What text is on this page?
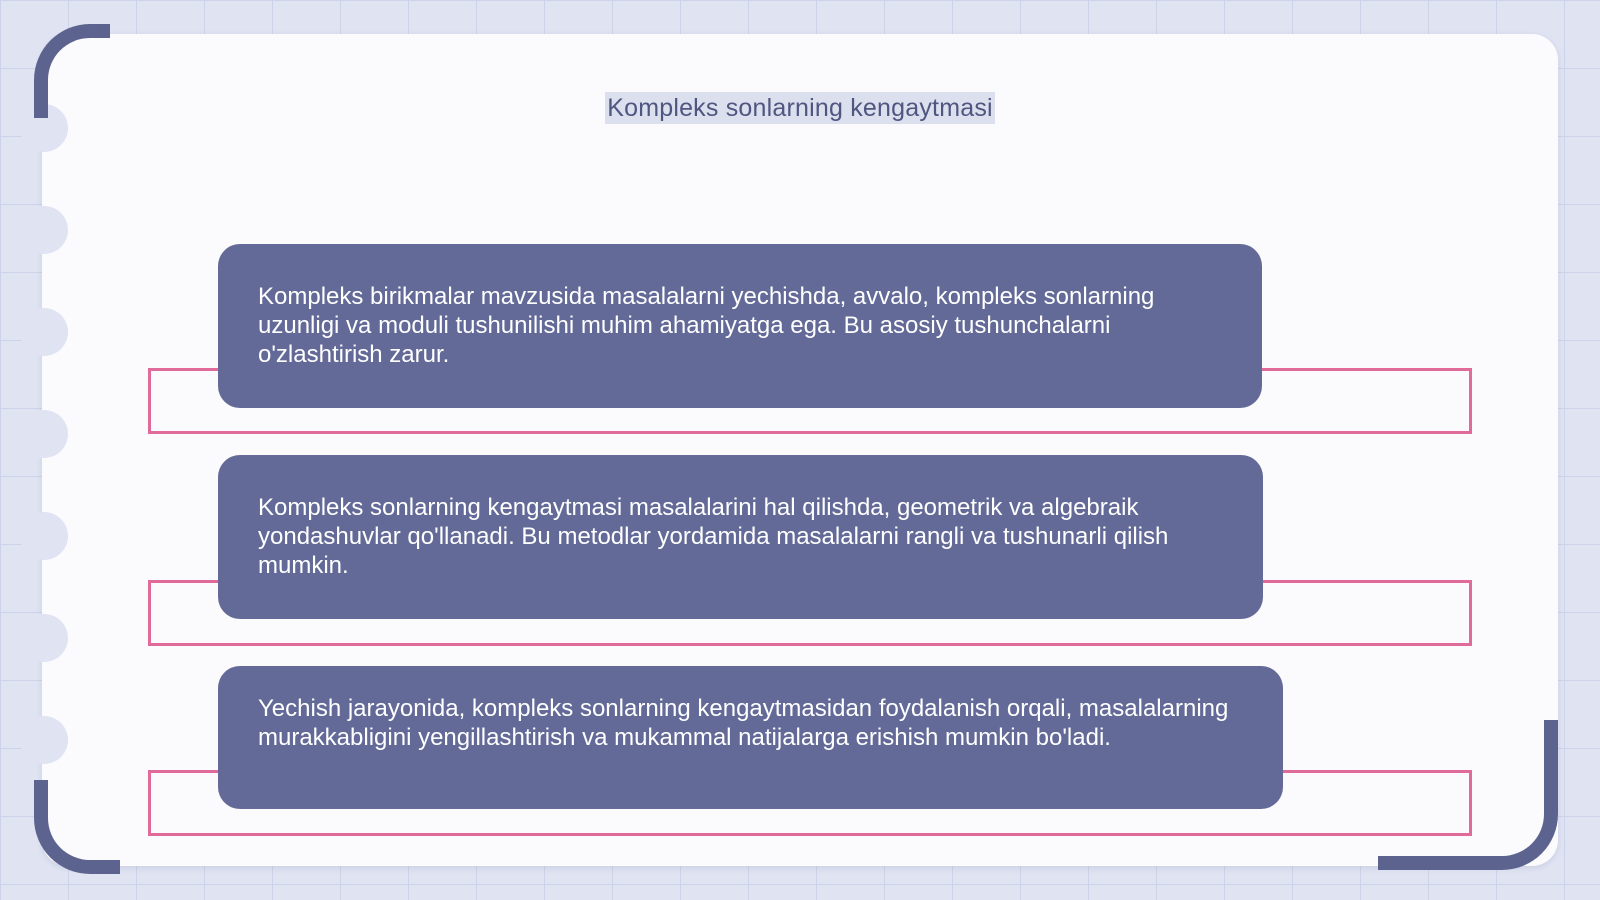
Kompleks sonlarning kengaytmasi
Kompleks birikmalar mavzusida masalalarni yechishda, avvalo, kompleks sonlarning uzunligi va moduli tushunilishi muhim ahamiyatga ega. Bu asosiy tushunchalarni o'zlashtirish zarur.
Kompleks sonlarning kengaytmasi masalalarini hal qilishda, geometrik va algebraik yondashuvlar qo'llanadi. Bu metodlar yordamida masalalarni rangli va tushunarli qilish mumkin.
Yechish jarayonida, kompleks sonlarning kengaytmasidan foydalanish orqali, masalalarning murakkabligini yengillashtirish va mukammal natijalarga erishish mumkin bo'ladi.
